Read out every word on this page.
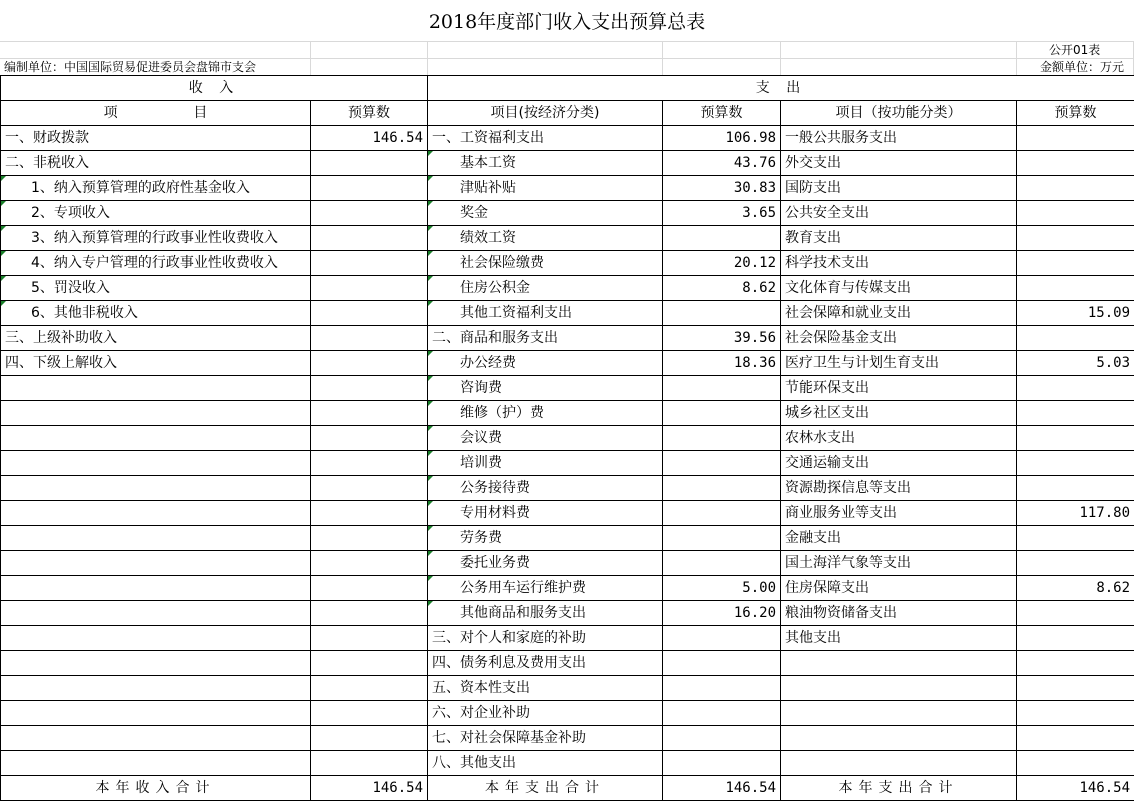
2018年度部门收入支出预算总表
公开01表
编制单位：中国国际贸易促进委员会盘锦市支会	金额单位：万元
收 入		支 出			
项                 目	预算数	项目(按经济分类)	预算数	项目（按功能分类）	预算数
一、财政拨款	146.54	一、工资福利支出	106.98	一般公共服务支出	
二、非税收入		基本工资	43.76	外交支出	
1、纳入预算管理的政府性基金收入		津贴补贴	30.83	国防支出	
2、专项收入		奖金	3.65	公共安全支出	
3、纳入预算管理的行政事业性收费收入		绩效工资		教育支出	
4、纳入专户管理的行政事业性收费收入		社会保险缴费	20.12	科学技术支出	
5、罚没收入		住房公积金	8.62	文化体育与传媒支出	
6、其他非税收入		其他工资福利支出		社会保障和就业支出	15.09
三、上级补助收入		二、商品和服务支出	39.56	社会保险基金支出	
四、下级上解收入		办公经费	18.36	医疗卫生与计划生育支出	5.03
		咨询费		节能环保支出	
		维修（护）费		城乡社区支出	
		会议费		农林水支出	
		培训费		交通运输支出	
		公务接待费		资源勘探信息等支出	
		专用材料费		商业服务业等支出	117.80
		劳务费		金融支出	
		委托业务费		国土海洋气象等支出	
		公务用车运行维护费	5.00	住房保障支出	8.62
		其他商品和服务支出	16.20	粮油物资储备支出	
		三、对个人和家庭的补助		其他支出	
		四、债务利息及费用支出			
		五、资本性支出			
		六、对企业补助			
		七、对社会保障基金补助			
		八、其他支出			
本年收入合计	146.54	本年支出合计	146.54	本年支出合计	146.54
